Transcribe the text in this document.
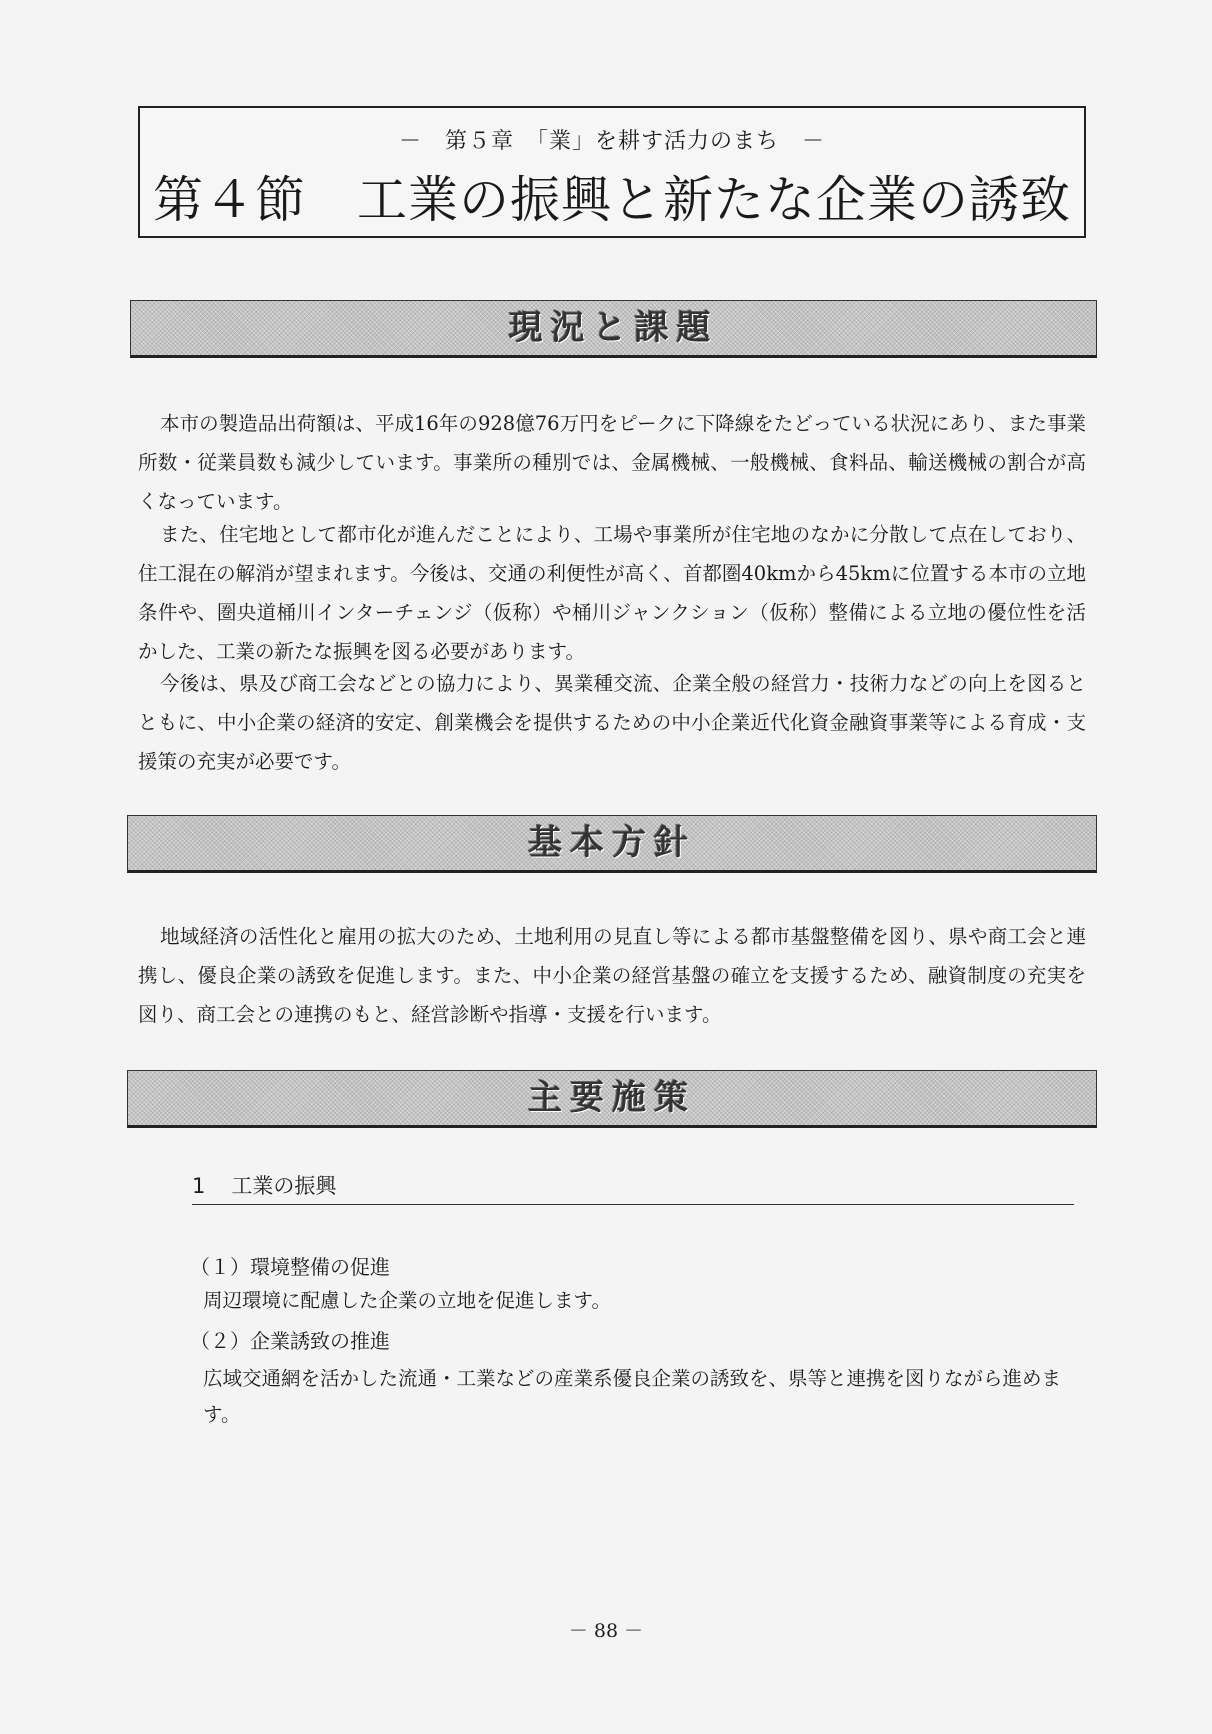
－　第５章　「業」を耕す活力のまち　－
第４節　工業の振興と新たな企業の誘致
現況と課題

本市の製造品出荷額は、平成16年の928億76万円をピークに下降線をたどっている状況にあり、また事業所数・従業員数も減少しています。事業所の種別では、金属機械、一般機械、食料品、輸送機械の割合が高くなっています。

また、住宅地として都市化が進んだことにより、工場や事業所が住宅地のなかに分散して点在しており、住工混在の解消が望まれます。今後は、交通の利便性が高く、首都圏40kmから45kmに位置する本市の立地条件や、圏央道桶川インターチェンジ（仮称）や桶川ジャンクション（仮称）整備による立地の優位性を活かした、工業の新たな振興を図る必要があります。

今後は、県及び商工会などとの協力により、異業種交流、企業全般の経営力・技術力などの向上を図るとともに、中小企業の経済的安定、創業機会を提供するための中小企業近代化資金融資事業等による育成・支援策の充実が必要です。

基本方針

地域経済の活性化と雇用の拡大のため、土地利用の見直し等による都市基盤整備を図り、県や商工会と連携し、優良企業の誘致を促進します。また、中小企業の経営基盤の確立を支援するため、融資制度の充実を図り、商工会との連携のもと、経営診断や指導・支援を行います。

主要施策
1 工業の振興
（１）環境整備の促進

周辺環境に配慮した企業の立地を促進します。

（２）企業誘致の推進

広域交通網を活かした流通・工業などの産業系優良企業の誘致を、県等と連携を図りながら進めます。

－ 88 －
